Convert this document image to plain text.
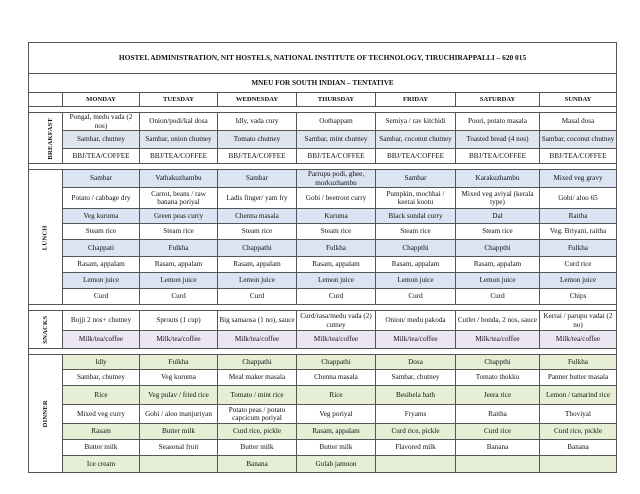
HOSTEL ADMINISTRATION, NIT HOSTELS, NATIONAL INSTITUTE OF TECHNOLOGY, TIRUCHIRAPPALLI – 620 015							
MNEU FOR SOUTH INDIAN – TENTATIVE							
	MONDAY	TUESDAY	WEDNESDAY	THURSDAY	FRIDAY	SATURDAY	SUNDAY

BREAKFAST	Pongal, medu vada (2 nos)	Onion/podi/kal dosa	Idly, vada cury	Oothappam	Semiya / rav kitchidi	Poori, potato masala	Masal dosa
	Sambar, chutney	Sambar, onion chutney	Tomato chutney	Sambar, mint chutney	Sambar, coconut chutney	Toasted bread (4 nos)	Sambar, coconut chutney
	BBJ/TEA/COFFEE	BBJ/TEA/COFFEE	BBJ/TEA/COFFEE	BBJ/TEA/COFFEE	BBJ/TEA/COFFEE	BBJ/TEA/COFFEE	BBJ/TEA/COFFEE

LUNCH	Sambar	Vathakuzhambu	Sambar	Parrupu podi, ghee, morkuzhambu	Sambar	Karakuzhambu	Mixed veg gravy
	Potato / cabbage dry	Carrot, beans / raw banana poriyal	Ladis finger/ yam fry	Gobi / beetroot curry	Pumpkin, mochhai / keerai kootu	Mixed veg aviyal (kerala type)	Gobi/ aloo 65
	Veg kuruma	Green peas curry	Chenna masala	Kuruma	Black sundal curry	Dal	Raitha
	Steam rice	Steam rice	Steam rice	Steam rice	Steam rice	Steam rice	Veg. Briyani, raitha
	Chappati	Fulkha	Chappathi	Fulkha	Chappthi	Chappthi	Fulkha
	Rasam, appalam	Rasam, appalam	Rasam, appalam	Rasam, appalam	Rasam, appalam	Rasam, appalam	Curd rice
	Lemon juice	Lemon juice	Lemon juice	Lemon juice	Lemon juice	Lemon juice	Lemon juice
	Curd	Curd	Curd	Curd	Curd	Curd	Chips

SNACKS	Bujji 2 nos+ chutney	Sprouts (1 cup)	Big samaosa (1 no), sauce	Curd/rasa/medu vada (2) cutney	Onion/ medu pakoda	Cutlet / bonda, 2 nos, sauce	Kerrai / parupu vadai (2 no)
	Milk/tea/coffee	Milk/tea/coffee	Milk/tea/coffee	Milk/tea/coffee	Milk/tea/coffee	Milk/tea/coffee	Milk/tea/coffee

DINNER	Idly	Fulkha	Chappathi	Chappathi	Dosa	Chappthi	Fulkha
	Sambar, chutney	Veg kuruma	Meal maker masala	Chenna masala	Sambar, chutney	Tomato thokku	Panner butter masala
	Rice	Veg pulav / fried rice	Tomato / mint rice	Rice	Besibela bath	Jeera rice	Lemon / tamarind rice
	Mixed veg curry	Gobi / aloo manjuriyan	Potato peas / potato capcicum poriyal	Veg poriyal	Fryams	Raitha	Thoviyal
	Rasam	Butter milk	Curd rice, pickle	Rasam, appalam	Curd rice, pickle	Curd rice	Curd rice, pickle
	Butter milk	Seasonal fruit	Butter milk	Butter milk	Flavored milk	Banana	Banana
	Ice cream		Banana	Gulab jamoon			
